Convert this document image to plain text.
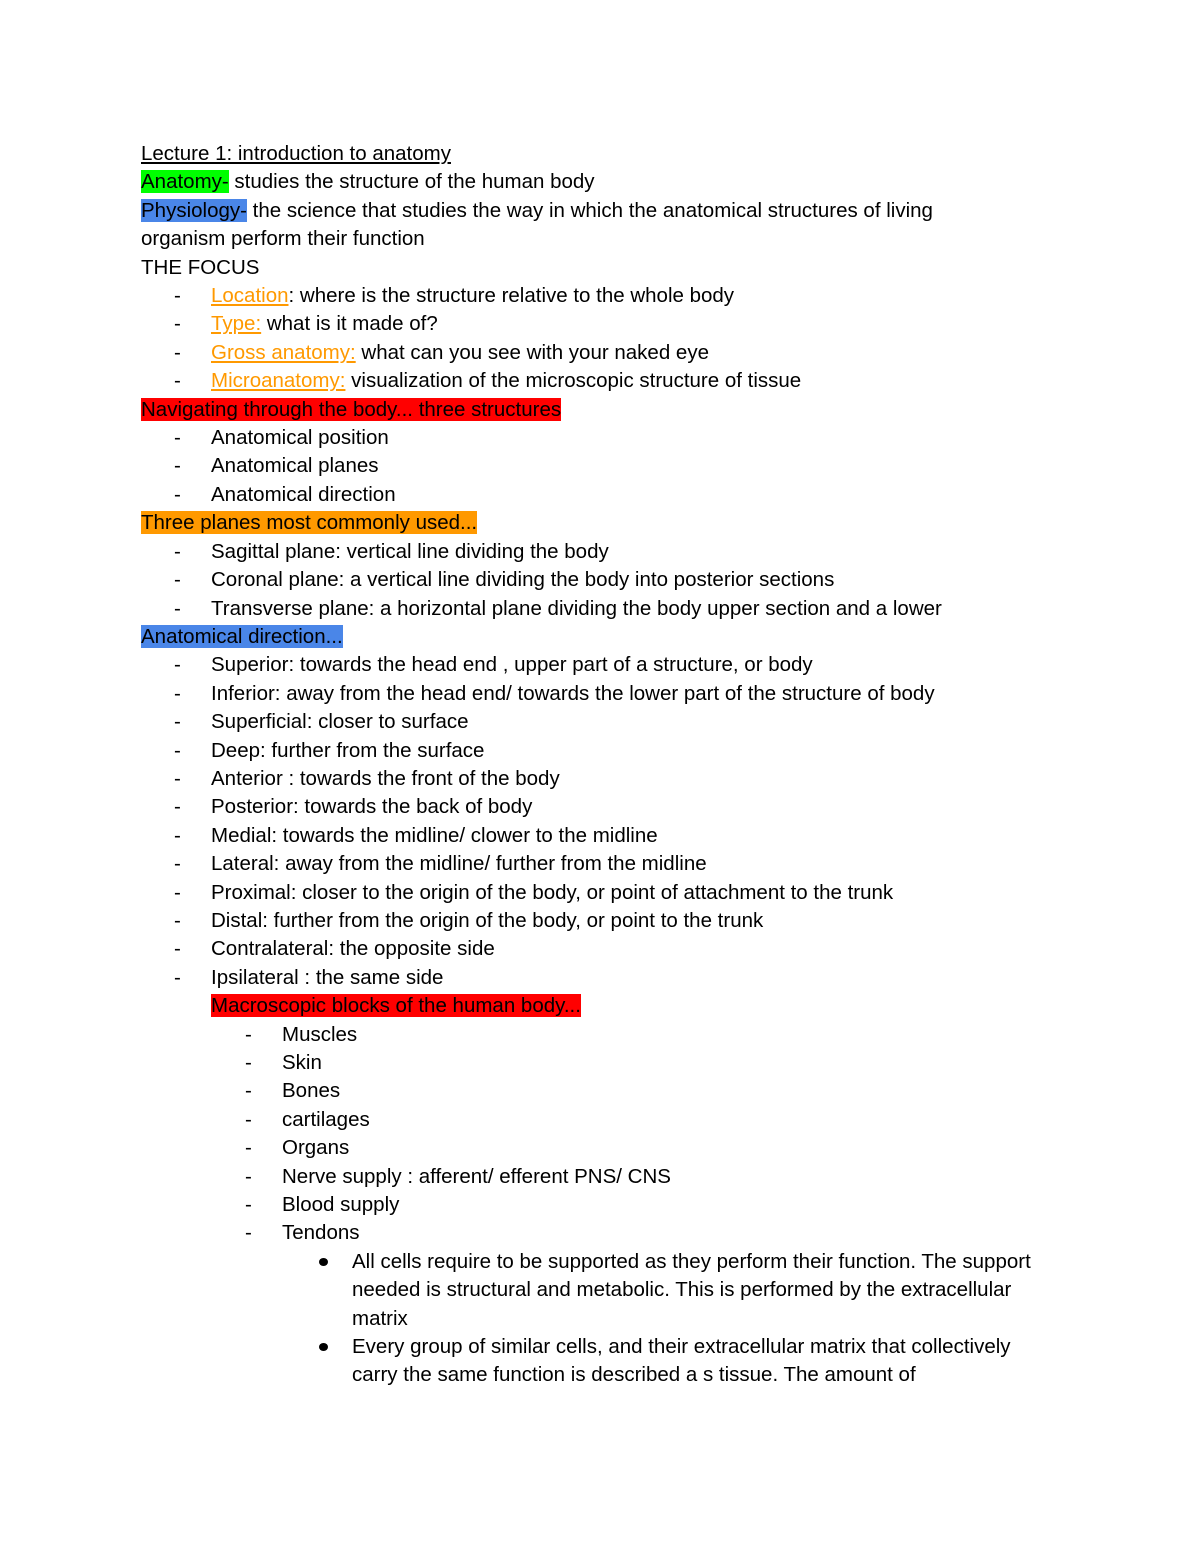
Lecture 1: introduction to anatomy
Anatomy- studies the structure of the human body
Physiology- the science that studies the way in which the anatomical structures of living organism perform their function
THE FOCUS
- Location: where is the structure relative to the whole body
- Type: what is it made of?
- Gross anatomy: what can you see with your naked eye
- Microanatomy: visualization of the microscopic structure of tissue
Navigating through the body... three structures
- Anatomical position
- Anatomical planes
- Anatomical direction
Three planes most commonly used...
- Sagittal plane: vertical line dividing the body
- Coronal plane: a vertical line dividing the body into posterior sections
- Transverse plane: a horizontal plane dividing the body upper section and a lower
Anatomical direction...
- Superior: towards the head end , upper part of a structure, or body
- Inferior: away from the head end/ towards the lower part of the structure of body
- Superficial: closer to surface
- Deep: further from the surface
- Anterior : towards the front of the body
- Posterior: towards the back of body
- Medial: towards the midline/ clower to the midline
- Lateral: away from the midline/ further from the midline
- Proximal: closer to the origin of the body, or point of attachment to the trunk
- Distal: further from the origin of the body, or point to the trunk
- Contralateral: the opposite side
- Ipsilateral : the same side
Macroscopic blocks of the human body...
- Muscles
- Skin
- Bones
- cartilages
- Organs
- Nerve supply : afferent/ efferent PNS/ CNS
- Blood supply
- Tendons
All cells require to be supported as they perform their function. The support needed is structural and metabolic. This is performed by the extracellular matrix
Every group of similar cells, and their extracellular matrix that collectively carry the same function is described a s tissue. The amount of
